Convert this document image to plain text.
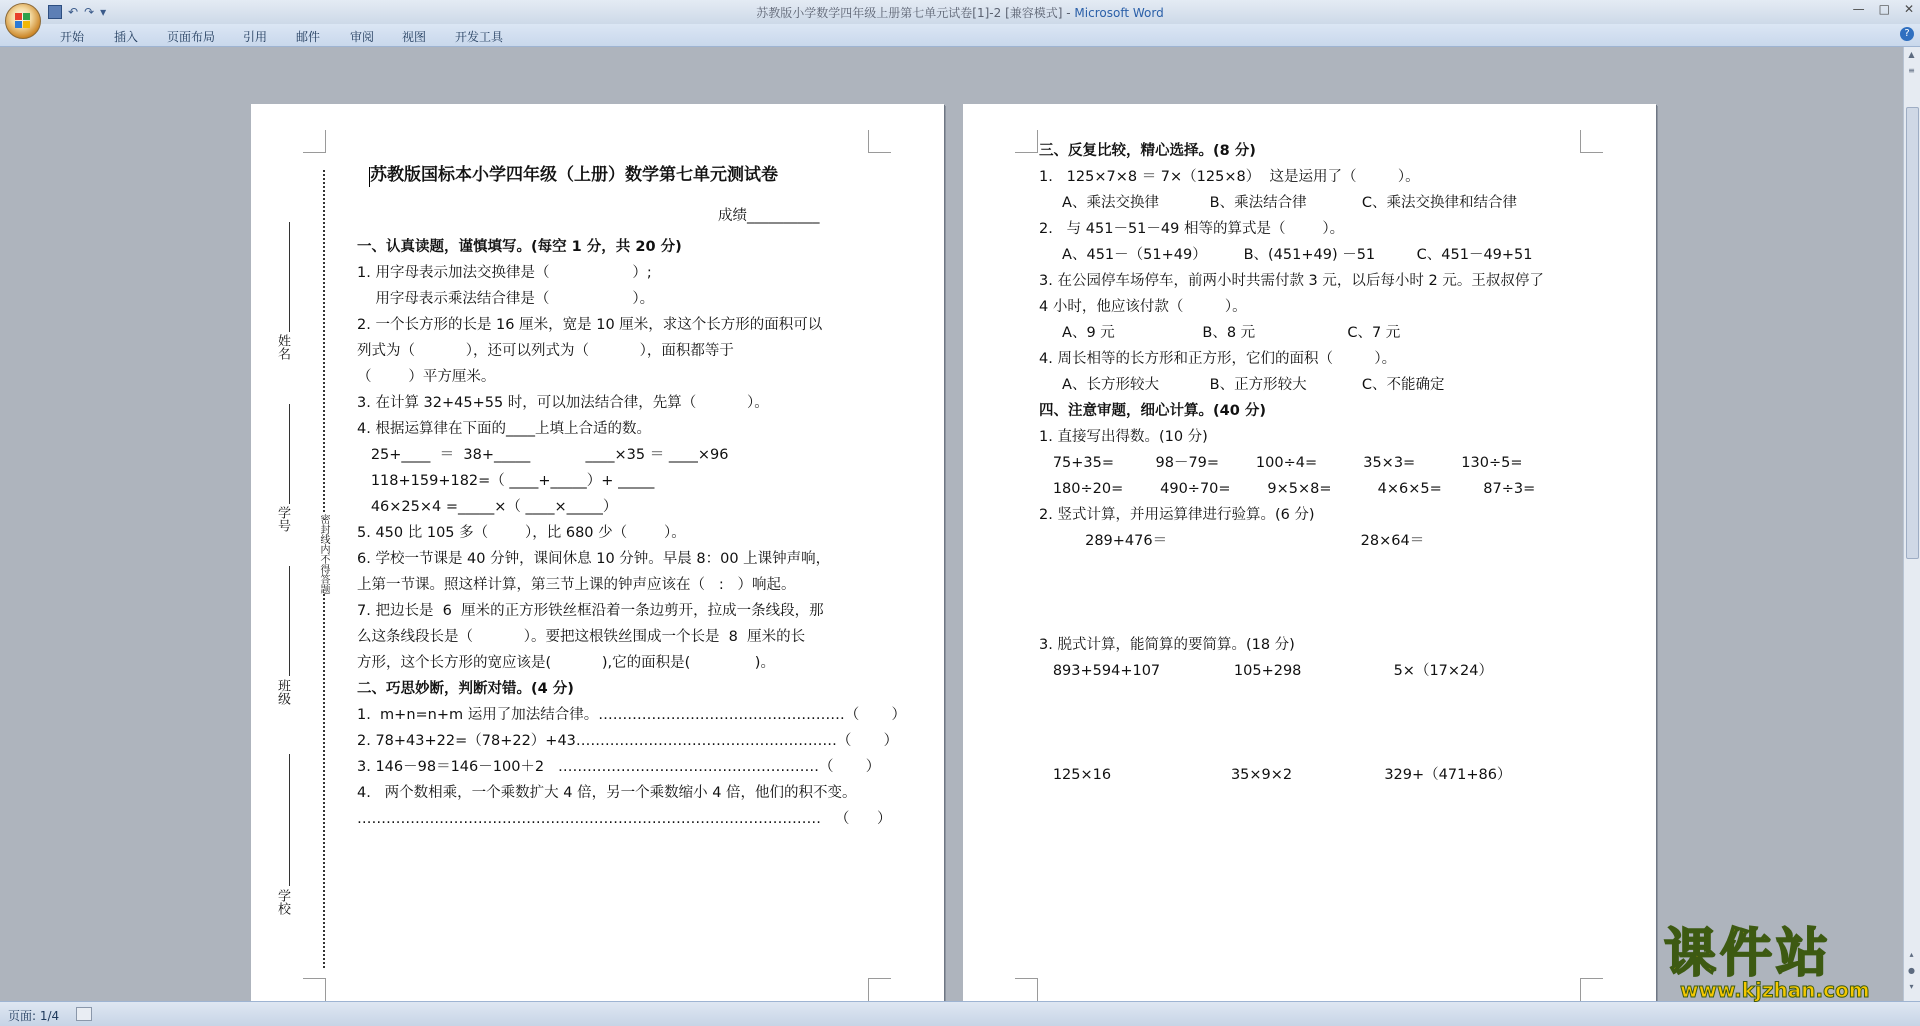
↶ ↷ ▾	苏教版小学数学四年级上册第七单元试卷[1]-2 [兼容模式] - Microsoft Word	— □ ✕
开始 插入 页面布局 引用 邮件 审阅 视图 开发工具	?
姓名
学号
班级
学校
密封线内不得答题
苏教版国标本小学四年级（上册）数学第七单元测试卷
成绩__________
一、认真读题，谨慎填写。(每空 1 分，共 20 分)
1. 用字母表示加法交换律是（                  ）;
用字母表示乘法结合律是（                  ）。
2. 一个长方形的长是 16 厘米，宽是 10 厘米，求这个长方形的面积可以
列式为（           ），还可以列式为（           ），面积都等于
（        ）平方厘米。
3. 在计算 32+45+55 时，可以加法结合律，先算（           ）。
4. 根据运算律在下面的____上填上合适的数。
25+____  ＝  38+_____            ____×35 ＝ ____×96
118+159+182=（ ____+_____）+ _____
46×25×4 =_____×（ ____×_____）
5. 450 比 105 多（        ），比 680 少（        ）。
6. 学校一节课是 40 分钟，课间休息 10 分钟。早晨 8：00 上课钟声响，
上第一节课。照这样计算，第三节上课的钟声应该在（   :   ）响起。
7. 把边长是  6  厘米的正方形铁丝框沿着一条边剪开，拉成一条线段，那
么这条线段长是（           ）。要把这根铁丝围成一个长是  8  厘米的长
方形，这个长方形的宽应该是(           ),它的面积是(              )。
二、巧思妙断，判断对错。(4 分)
1.  m+n=n+m 运用了加法结合律。……………………………………………（       ）
2. 78+43+22=（78+22）+43………………………………………………（       ）
3. 146－98＝146－100＋2   ………………………………………………（       ）
4.   两个数相乘，一个乘数扩大 4 倍，另一个乘数缩小 4 倍，他们的积不变。
……………………………………………………………………………………   （      ）
三、反复比较，精心选择。(8 分)
1.   125×7×8 ＝ 7×（125×8）  这是运用了（         ）。
A、乘法交换律           B、乘法结合律            C、乘法交换律和结合律
2.   与 451－51－49 相等的算式是（        ）。
A、451－（51+49）        B、(451+49) －51         C、451－49+51
3. 在公园停车场停车，前两小时共需付款 3 元，以后每小时 2 元。王叔叔停了
4 小时，他应该付款（         ）。
A、9 元                   B、8 元                    C、7 元
4. 周长相等的长方形和正方形，它们的面积（         ）。
A、长方形较大           B、正方形较大            C、不能确定
四、注意审题，细心计算。(40 分)
1. 直接写出得数。(10 分)
75+35=         98－79=        100÷4=          35×3=          130÷5=
180÷20=        490÷70=        9×5×8=          4×6×5=         87÷3=
2. 竖式计算，并用运算律进行验算。(6 分)
289+476＝                                          28×64＝
3. 脱式计算，能简算的要简算。(18 分)
893+594+107                105+298                    5×（17×24）
125×16                          35×9×2                    329+（471+86）
▲
≡
▴
●
▾
页面: 1/4
课件站
www.kjzhan.com
